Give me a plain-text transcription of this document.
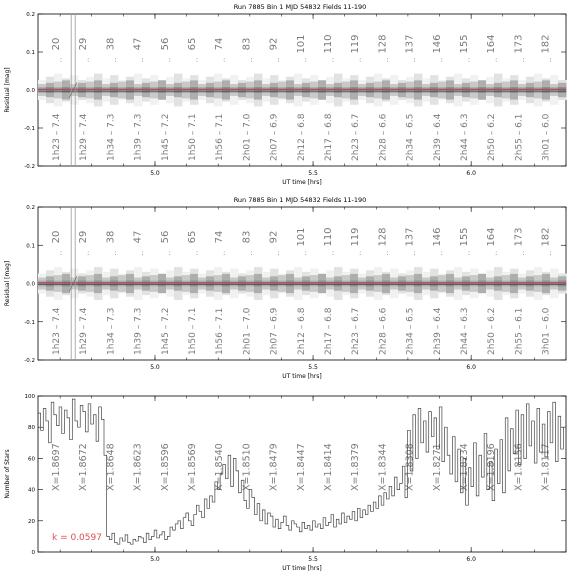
5.0	5.5	6.0
UT time [hrs]
Residual [mag]
Run 7885 Bin 1 MJD 54832 Fields 11-190
-0.2
-0.1
0.0
0.1
0.2
20
:
29
:
38
:
47
:
56
:
65
:
74
:
83
:
92
:
101
:
110
:
119
:
128
:
137
:
146
:
155
:
164
:
173
:
182
:
1h23 – 7.4 1h29 – 7.4 1h34 – 7.3 1h39 – 7.3 1h45 – 7.2 1h50 – 7.1 1h56 – 7.1 2h01 – 7.0 2h07 – 6.9 2h12 – 6.8 2h17 – 6.8 2h23 – 6.7 2h28 – 6.6 2h34 – 6.5 2h39 – 6.4 2h44 – 6.3 2h50 – 6.2 2h55 – 6.1 3h01 – 6.0
5.0	5.5	6.0
UT time [hrs]
Residual [mag]
Run 7885 Bin 1 MJD 54832 Fields 11-190
-0.2
-0.1
0.0
0.1
0.2
20
:
29
:
38
:
47
:
56
:
65
:
74
:
83
:
92
:
101
:
110
:
119
:
128
:
137
:
146
:
155
:
164
:
173
:
182
:
1h23 – 7.4 1h29 – 7.4 1h34 – 7.3 1h39 – 7.3 1h45 – 7.2 1h50 – 7.1 1h56 – 7.1 2h01 – 7.0 2h07 – 6.9 2h12 – 6.8 2h17 – 6.8 2h23 – 6.7 2h28 – 6.6 2h34 – 6.5 2h39 – 6.4 2h44 – 6.3 2h50 – 6.2 2h55 – 6.1 3h01 – 6.0
5.0	5.5	6.0
UT time [hrs]
Number of Stars
0
20
40
60
80
100
X=1.8697 X=1.8672 X=1.8648 X=1.8623 X=1.8596 X=1.8569 X=1.8540 X=1.8510 X=1.8479 X=1.8447 X=1.8414 X=1.8379 X=1.8344 X=1.8308 X=1.8271 X=1.8234 X=1.8196 X=1.8156 X=1.8117
k = 0.0597
